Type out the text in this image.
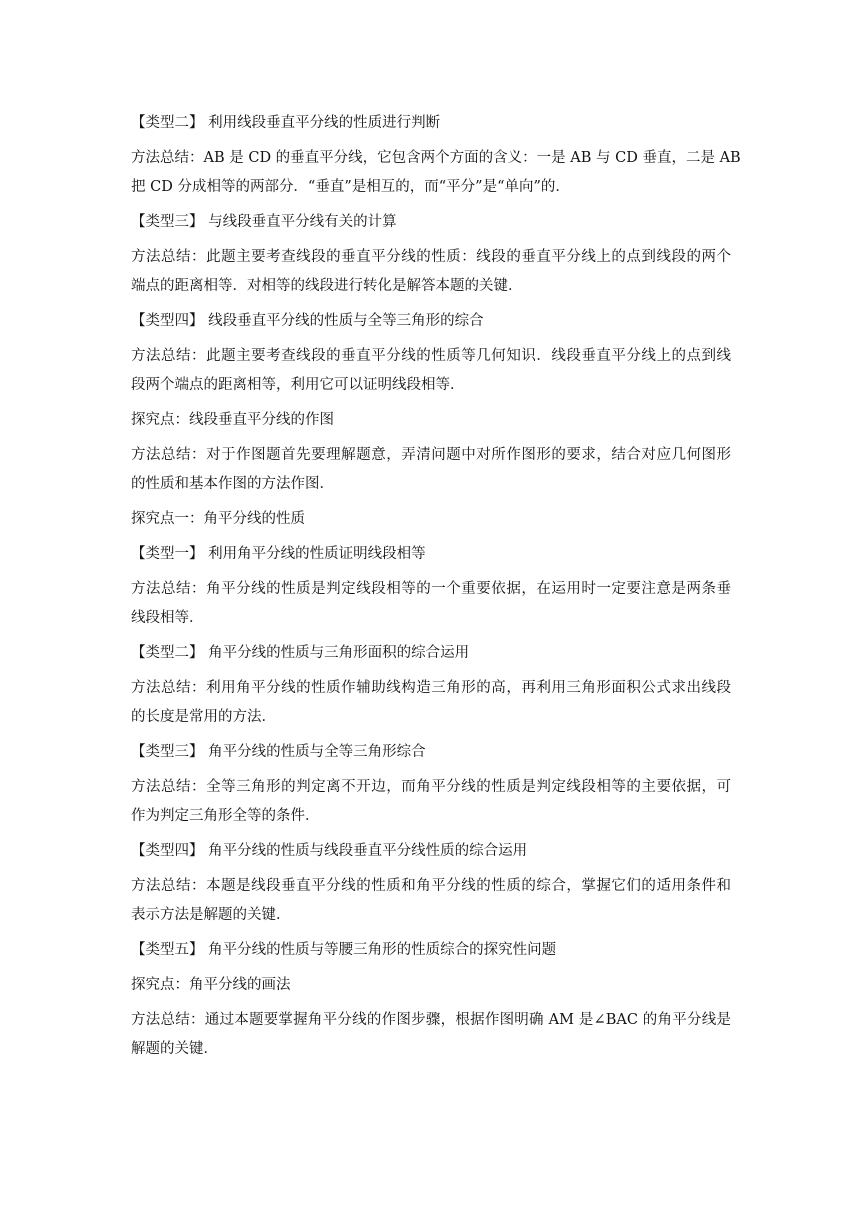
【类型二】 利用线段垂直平分线的性质进行判断
方法总结：AB 是 CD 的垂直平分线，它包含两个方面的含义：一是 AB 与 CD 垂直，二是 AB
把 CD 分成相等的两部分．“垂直”是相互的，而“平分”是“单向”的．
【类型三】 与线段垂直平分线有关的计算
方法总结：此题主要考查线段的垂直平分线的性质：线段的垂直平分线上的点到线段的两个
端点的距离相等．对相等的线段进行转化是解答本题的关键．
【类型四】 线段垂直平分线的性质与全等三角形的综合
方法总结：此题主要考查线段的垂直平分线的性质等几何知识．线段垂直平分线上的点到线
段两个端点的距离相等，利用它可以证明线段相等．
探究点：线段垂直平分线的作图
方法总结：对于作图题首先要理解题意，弄清问题中对所作图形的要求，结合对应几何图形
的性质和基本作图的方法作图．
探究点一：角平分线的性质
【类型一】 利用角平分线的性质证明线段相等
方法总结：角平分线的性质是判定线段相等的一个重要依据，在运用时一定要注意是两条垂
线段相等．
【类型二】 角平分线的性质与三角形面积的综合运用
方法总结：利用角平分线的性质作辅助线构造三角形的高，再利用三角形面积公式求出线段
的长度是常用的方法．
【类型三】 角平分线的性质与全等三角形综合
方法总结：全等三角形的判定离不开边，而角平分线的性质是判定线段相等的主要依据，可
作为判定三角形全等的条件．
【类型四】 角平分线的性质与线段垂直平分线性质的综合运用
方法总结：本题是线段垂直平分线的性质和角平分线的性质的综合，掌握它们的适用条件和
表示方法是解题的关键．
【类型五】 角平分线的性质与等腰三角形的性质综合的探究性问题
探究点：角平分线的画法
方法总结：通过本题要掌握角平分线的作图步骤，根据作图明确 AM 是∠BAC 的角平分线是
解题的关键．
